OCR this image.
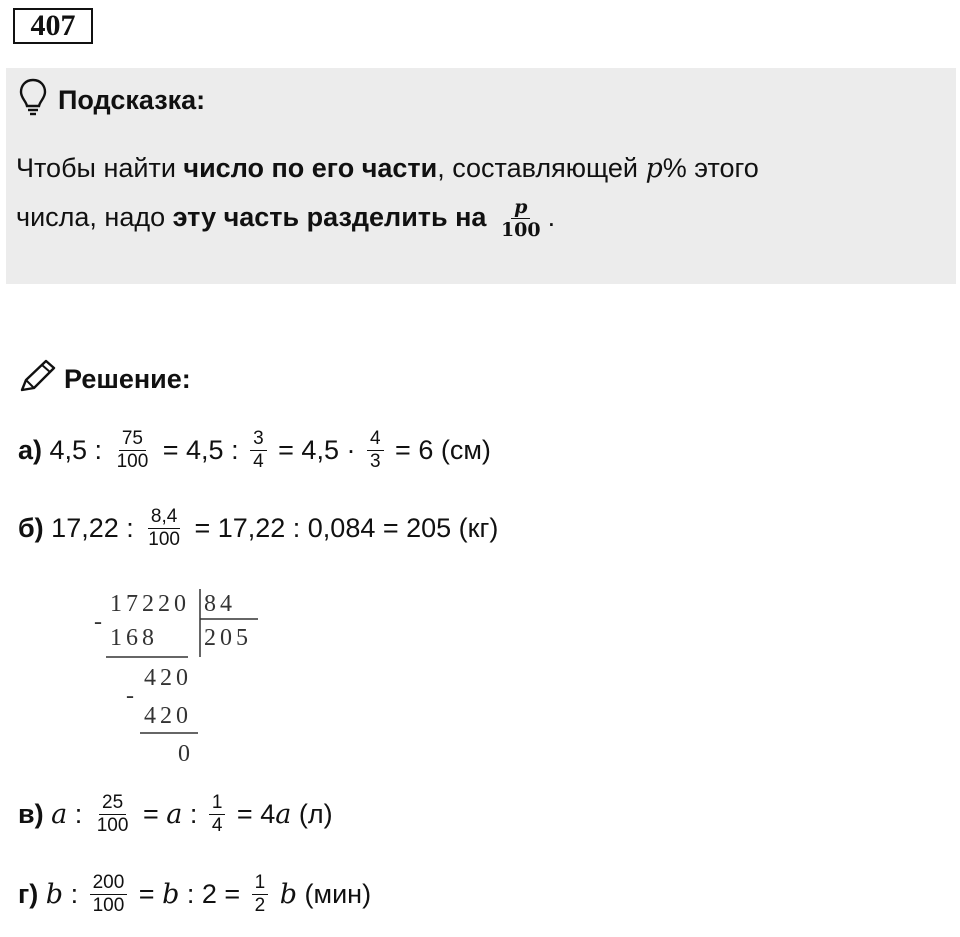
407
Подсказка:
Чтобы найти число по его части, составляющей p% этого
числа, надо эту часть разделить на $\frac{p}{100}$ .
Решение:
а) 4,5 : $\frac{75}{100} = 4,5$ : $\frac{3}{4} = 4,5 \cdot \frac{4}{3} = 6$ (см)
б) 17,22 : $\frac{8,4}{100} = 17,22$ : 0,084 = 205 (кг)
17220 84
205
-
168
420
-
420
0
в)
a : $\frac{25}{100} = a$ : $\frac{1}{4} = 4$ a (л)
г)
b : $\frac{200}{100} = b$ : $2 = \frac{1}{2}$
b (мин)
